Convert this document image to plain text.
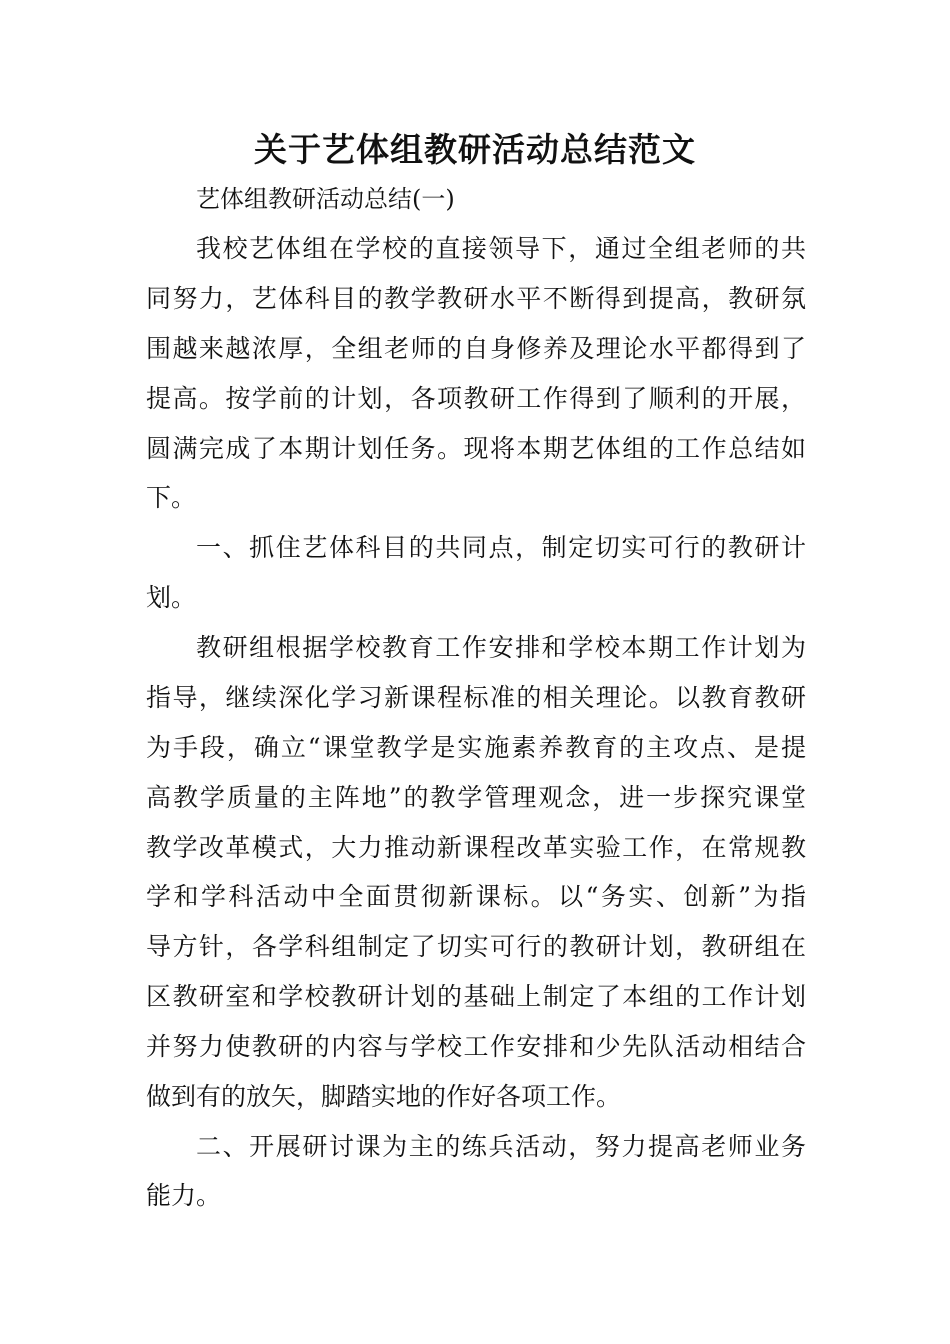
关于艺体组教研活动总结范文

艺体组教研活动总结(一)

我校艺体组在学校的直接领导下，通过全组老师的共

同努力，艺体科目的教学教研水平不断得到提高，教研氛

围越来越浓厚，全组老师的自身修养及理论水平都得到了

提高。按学前的计划，各项教研工作得到了顺利的开展，

圆满完成了本期计划任务。现将本期艺体组的工作总结如

下。

一、抓住艺体科目的共同点，制定切实可行的教研计

划。

教研组根据学校教育工作安排和学校本期工作计划为

指导，继续深化学习新课程标准的相关理论。以教育教研

为手段，确立“课堂教学是实施素养教育的主攻点、是提

高教学质量的主阵地”的教学管理观念，进一步探究课堂

教学改革模式，大力推动新课程改革实验工作，在常规教

学和学科活动中全面贯彻新课标。以“务实、创新”为指

导方针，各学科组制定了切实可行的教研计划，教研组在

区教研室和学校教研计划的基础上制定了本组的工作计划

并努力使教研的内容与学校工作安排和少先队活动相结合

做到有的放矢，脚踏实地的作好各项工作。

二、开展研讨课为主的练兵活动，努力提高老师业务

能力。
